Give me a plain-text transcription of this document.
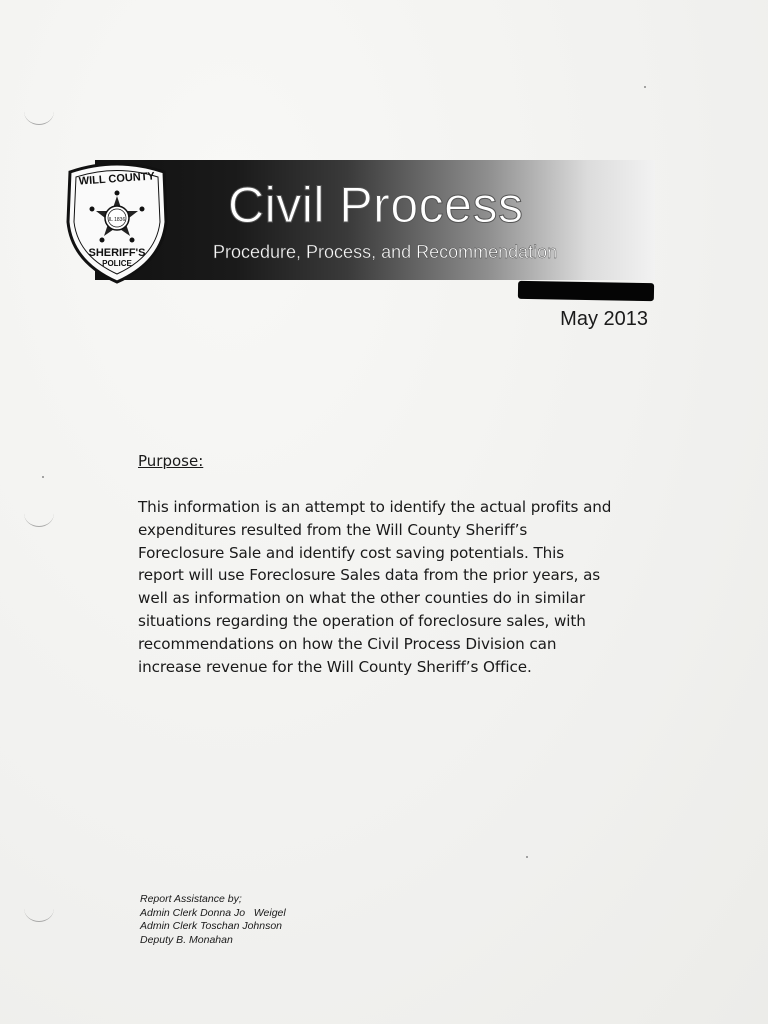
WILL COUNTY
IL 1836
SHERIFF'S
POLICE
Civil Process
Procedure, Process, and Recommendation
May 2013
Purpose:
This information is an attempt to identify the actual profits and
expenditures resulted from the Will County Sheriff’s
Foreclosure Sale and identify cost saving potentials. This
report will use Foreclosure Sales data from the prior years, as
well as information on what the other counties do in similar
situations regarding the operation of foreclosure sales, with
recommendations on how the Civil Process Division can
increase revenue for the Will County Sheriff’s Office.
Report Assistance by;
Admin Clerk Donna Jo   Weigel
Admin Clerk Toschan Johnson
Deputy B. Monahan
